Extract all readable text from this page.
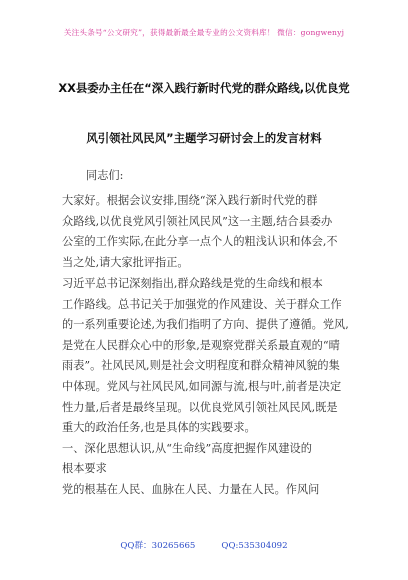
关注头条号“公文研究”，获得最新最全最专业的公文资料库！ 微信：gongwenyj
XX县委办主任在“深入践行新时代党的群众路线,以优良党
风引领社风民风”主题学习研讨会上的发言材料
同志们:
大家好。根据会议安排,围绕“深入践行新时代党的群
众路线,以优良党风引领社风民风”这一主题,结合县委办
公室的工作实际,在此分享一点个人的粗浅认识和体会,不
当之处,请大家批评指正。
习近平总书记深刻指出,群众路线是党的生命线和根本
工作路线。总书记关于加强党的作风建设、关于群众工作
的一系列重要论述,为我们指明了方向、提供了遵循。党风,
是党在人民群众心中的形象,是观察党群关系最直观的“晴
雨表”。社风民风,则是社会文明程度和群众精神风貌的集
中体现。党风与社风民风,如同源与流,根与叶,前者是决定
性力量,后者是最终呈现。以优良党风引领社风民风,既是
重大的政治任务,也是具体的实践要求。
一、深化思想认识,从“生命线”高度把握作风建设的
根本要求
党的根基在人民、血脉在人民、力量在人民。作风问
QQ群：30265665	QQ:535304092
